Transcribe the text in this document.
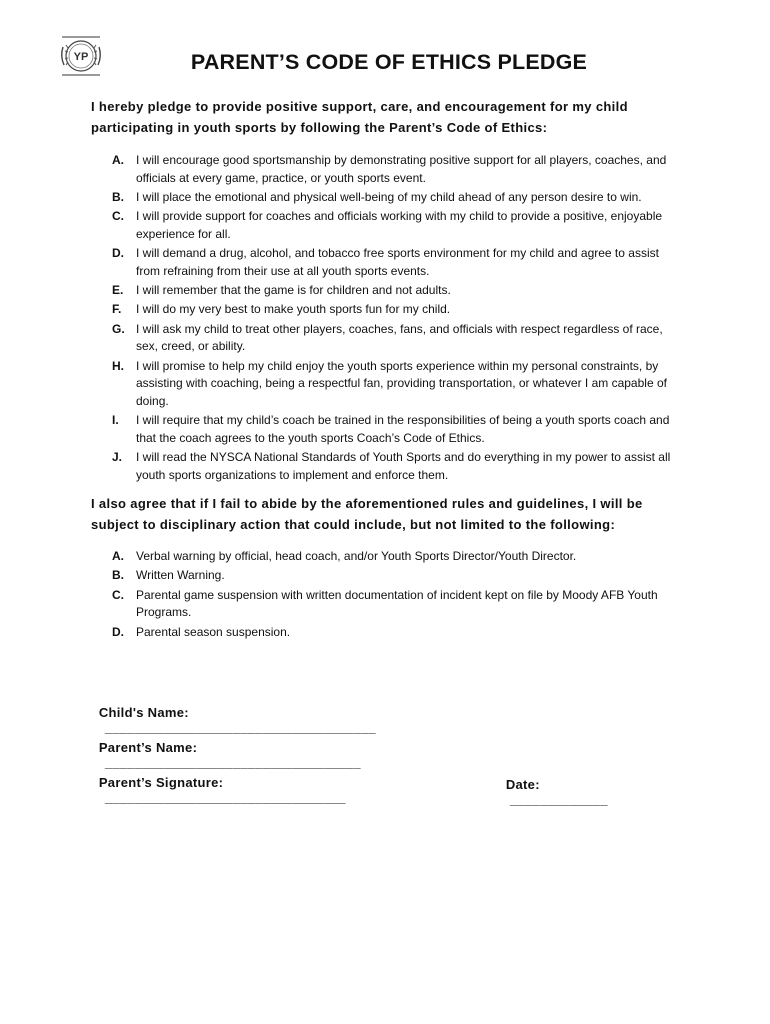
YP	PARENT’S CODE OF ETHICS PLEDGE
I hereby pledge to provide positive support, care, and encouragement for my child participating in youth sports by following the Parent’s Code of Ethics:
A. I will encourage good sportsmanship by demonstrating positive support for all players, coaches, and officials at every game, practice, or youth sports event.
B. I will place the emotional and physical well-being of my child ahead of any person desire to win.
C. I will provide support for coaches and officials working with my child to provide a positive, enjoyable experience for all.
D. I will demand a drug, alcohol, and tobacco free sports environment for my child and agree to assist from refraining from their use at all youth sports events.
E. I will remember that the game is for children and not adults.
F. I will do my very best to make youth sports fun for my child.
G. I will ask my child to treat other players, coaches, fans, and officials with respect regardless of race, sex, creed, or ability.
H. I will promise to help my child enjoy the youth sports experience within my personal constraints, by assisting with coaching, being a respectful fan, providing transportation, or whatever I am capable of doing.
I. I will require that my child’s coach be trained in the responsibilities of being a youth sports coach and that the coach agrees to the youth sports Coach’s Code of Ethics.
J. I will read the NYSCA National Standards of Youth Sports and do everything in my power to assist all youth sports organizations to implement and enforce them.
I also agree that if I fail to abide by the aforementioned rules and guidelines, I will be subject to disciplinary action that could include, but not limited to the following:
A. Verbal warning by official, head coach, and/or Youth Sports Director/Youth Director.
B. Written Warning.
C. Parental game suspension with written documentation of incident kept on file by Moody AFB Youth Programs.
D. Parental season suspension.

Child's Name:
____________________________________

Parent’s Name:
__________________________________

Parent’s Signature:
________________________________

Date:
_____________
